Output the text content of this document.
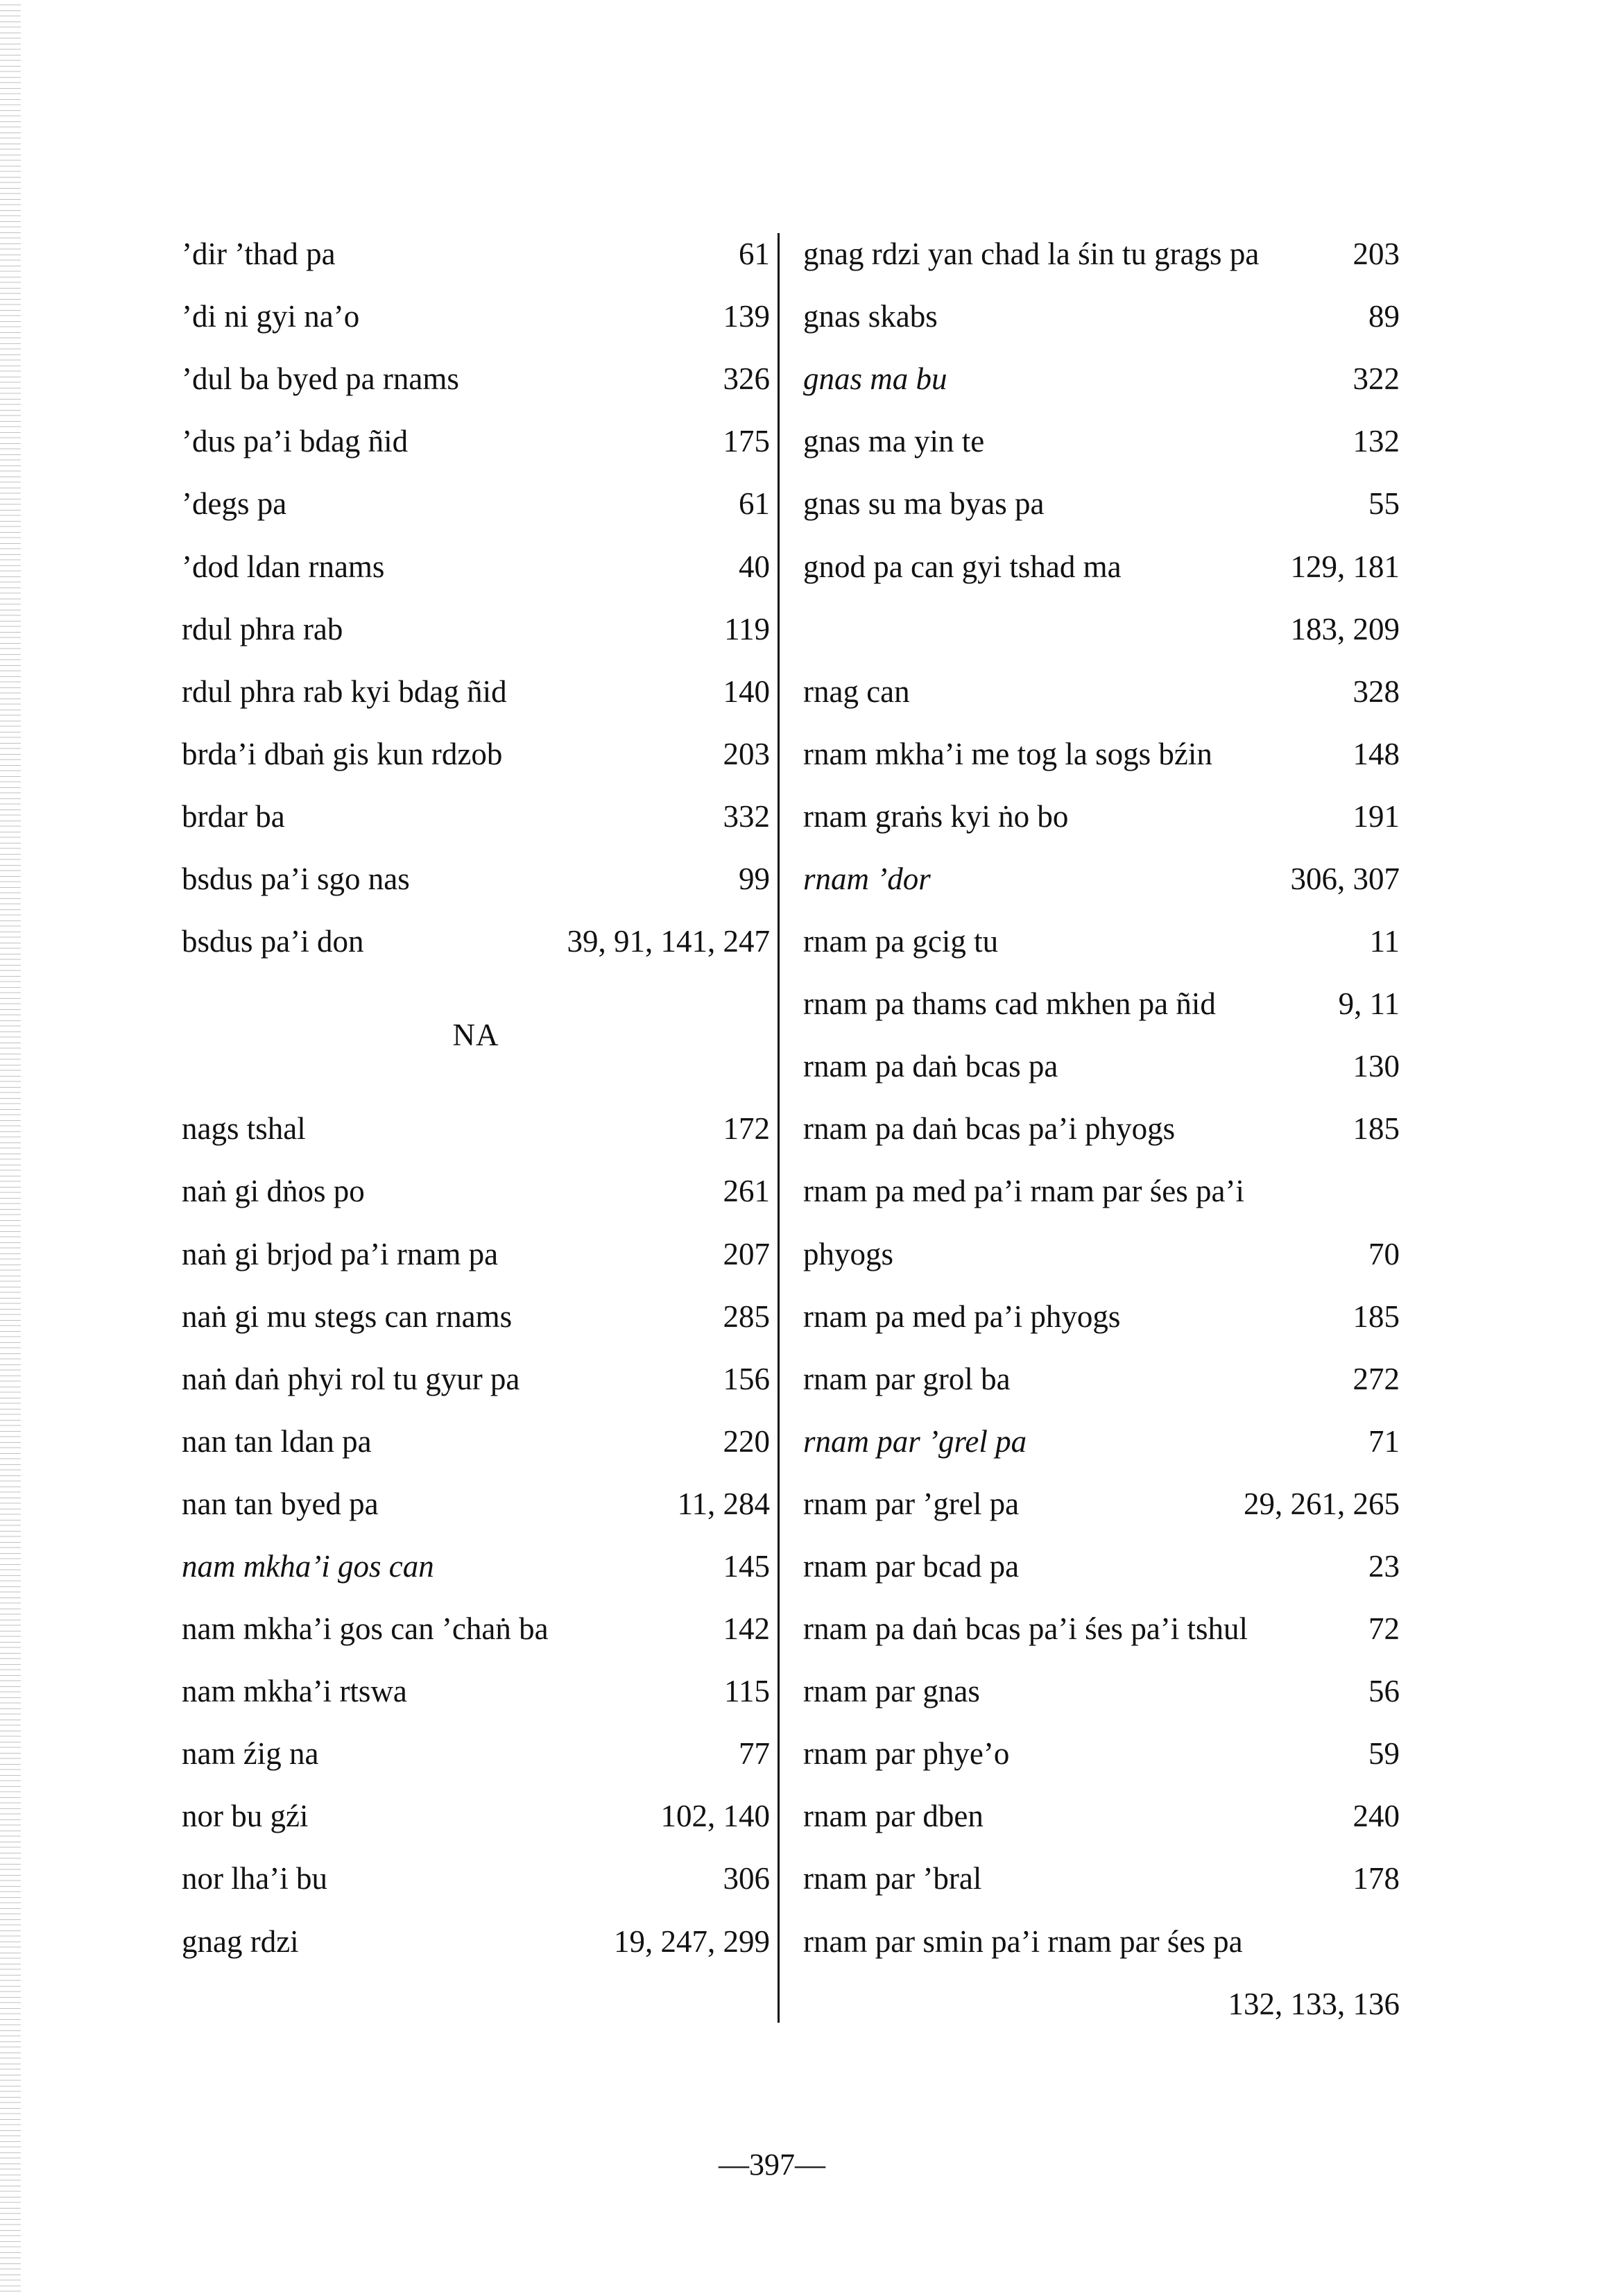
’dir ’thad pa	61
’di ni gyi na’o	139
’dul ba byed pa rnams	326
’dus pa’i bdag ñid	175
’degs pa	61
’dod ldan rnams	40
rdul phra rab	119
rdul phra rab kyi bdag ñid	140
brda’i dbaṅ gis kun rdzob	203
brdar ba	332
bsdus pa’i sgo nas	99
bsdus pa’i don	39, 91, 141, 247
NA
nags tshal	172
naṅ gi dṅos po	261
naṅ gi brjod pa’i rnam pa	207
naṅ gi mu stegs can rnams	285
naṅ daṅ phyi rol tu gyur pa	156
nan tan ldan pa	220
nan tan byed pa	11, 284
nam mkha’i gos can	145
nam mkha’i gos can ’chaṅ ba	142
nam mkha’i rtswa	115
nam źig na	77
nor bu gźi	102, 140
nor lha’i bu	306
gnag rdzi	19, 247, 299
gnag rdzi yan chad la śin tu grags pa	203
gnas skabs	89
gnas ma bu	322
gnas ma yin te	132
gnas su ma byas pa	55
gnod pa can gyi tshad ma	129, 181
183, 209
rnag can	328
rnam mkha’i me tog la sogs bźin	148
rnam graṅs kyi ṅo bo	191
rnam ’dor	306, 307
rnam pa gcig tu	11
rnam pa thams cad mkhen pa ñid	9, 11
rnam pa daṅ bcas pa	130
rnam pa daṅ bcas pa’i phyogs	185
rnam pa med pa’i rnam par śes pa’i
phyogs	70
rnam pa med pa’i phyogs	185
rnam par grol ba	272
rnam par ’grel pa	71
rnam par ’grel pa	29, 261, 265
rnam par bcad pa	23
rnam pa daṅ bcas pa’i śes pa’i tshul	72
rnam par gnas	56
rnam par phye’o	59
rnam par dben	240
rnam par ’bral	178
rnam par smin pa’i rnam par śes pa
132, 133, 136
—397—
